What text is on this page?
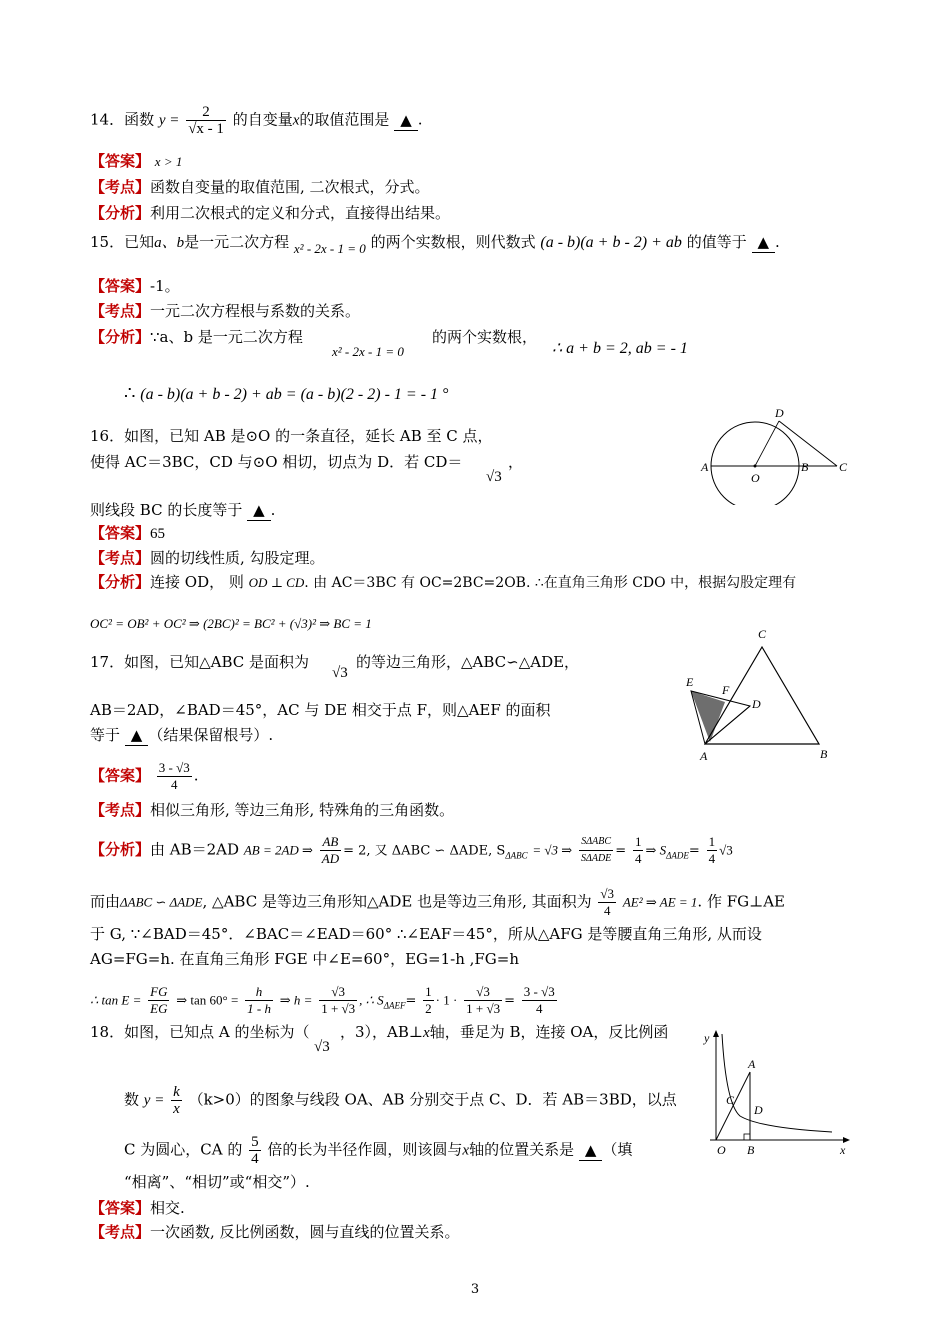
14．函数 $y = \frac{2}{√x - 1}$ 的自变量x的取值范围是 ▲ .
【答案】 x > 1
【考点】函数自变量的取值范围, 二次根式，分式。
【分析】利用二次根式的定义和分式，直接得出结果。
15．已知a、b是一元二次方程 x² - 2x - 1 = 0 的两个实数根，则代数式 (a - b)(a + b - 2) + ab 的值等于 ▲ .
【答案】-1。
【考点】一元二次方程根与系数的关系。
【分析】∵a、b 是一元二次方程
x² - 2x - 1 = 0
的两个实数根，
∴ a + b = 2, ab = - 1
∴ (a - b)(a + b - 2) + ab = (a - b)(2 - 2) - 1 = - 1 °
16．如图，已知 AB 是⊙O 的一条直径，延长 AB 至 C 点，
使得 AC＝3BC，CD 与⊙O 相切，切点为 D．若 CD＝
√3
，
则线段 BC 的长度等于 ▲ .
【答案】65
【考点】圆的切线性质, 勾股定理。
【分析】连接 OD， 则 OD ⊥ CD. 由 AC＝3BC 有 OC=2BC=2OB. ∴在直角三角形 CDO 中，根据勾股定理有
OC² = OB² + OC² ⇒ (2BC)² = BC² + (√3)² ⇒ BC = 1
A
O
B	C
D
17．如图，已知△ABC 是面积为
√3
的等边三角形，△ABC∽△ADE，
AB＝2AD，∠BAD＝45°，AC 与 DE 相交于点 F，则△AEF 的面积
等于 ▲ （结果保留根号）.
【答案】 $\frac{3 - √3}{4}$ .
【考点】相似三角形, 等边三角形, 特殊角的三角函数。
【分析】由 AB＝2AD AB = 2AD ⇒ $\frac{AB}{AD} = 2$, 又 ΔABC ∽ ΔADE, $S_{\Delta ABC} = √3$ ⇒ $\frac{\text{SΔABC}}{\text{SΔADE}} = \frac{1}{4}$ ⇒ $S_{\Delta ADE}= \frac{1}{4} √3$
而由ΔABC ∽ ΔADE, △ABC 是等边三角形知△ADE 也是等边三角形, 其面积为 $\frac{√3}{4} AE^2$ ⇒ AE = 1. 作 FG⊥AE
于 G, ∵∠BAD＝45°．∠BAC＝∠EAD＝60° ∴∠EAF＝45°，所从△AFG 是等腰直角三角形, 从而设
AG=FG=h. 在直角三角形 FGE 中∠E=60°，EG=1-h ,FG=h
∴ $\tan E = \frac{FG}{EG}$ ⇒ $\tan 60^\circ = \frac{h}{1 - h}$ ⇒ $h = \frac{√3}{1 + √3}$ , ∴ $S_{\Delta AEF}= \frac{1}{2} \cdot 1 \cdot \frac{√3}{1 + √3} = \frac{3 - √3}{4}$
C
E
F
D
A	B
18．如图，已知点 A 的坐标为（
√3
，3），AB⊥x轴，垂足为 B，连接 OA，反比例函
数 $y = \frac{k}{x} (k>0)$的图象与线段 OA、AB 分别交于点 C、D．若 AB＝3BD，以点
C 为圆心，CA 的 $\frac{5}{4}$ 倍的长为半径作圆，则该圆与x轴的位置关系是 ▲ （填
“相离”、“相切”或“相交”）.
【答案】相交.
【考点】一次函数, 反比例函数，圆与直线的位置关系。
y
x
O
A
B
C
D
3
